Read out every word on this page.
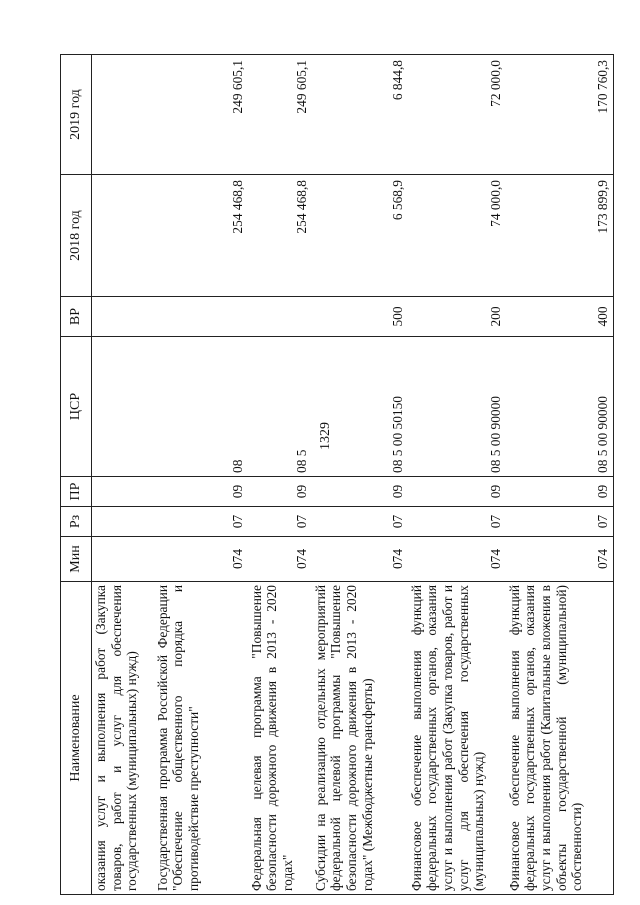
1329
Наименование	Мин	Рз	ПР	ЦСР	ВР	2018 год	2019 год
оказания услуг и выполнения работ (Закупка товаров, работ и услуг для обеспечения государственных (муниципальных) нужд)							
Государственная программа Российской Федерации "Обеспечение общественного порядка и противодействие преступности"	074	07	09	08		254 468,8	249 605,1
Федеральная целевая программа "Повышение безопасности дорожного движения в 2013 - 2020 годах"	074	07	09	08 5		254 468,8	249 605,1
Субсидии на реализацию отдельных мероприятий федеральной целевой программы "Повышение безопасности дорожного движения в 2013 - 2020 годах" (Межбюджетные трансферты)	074	07	09	08 5 00 50150	500	6 568,9	6 844,8
Финансовое обеспечение выполнения функций федеральных государственных органов, оказания услуг и выполнения работ (Закупка товаров, работ и услуг для обеспечения государственных (муниципальных) нужд)	074	07	09	08 5 00 90000	200	74 000,0	72 000,0
Финансовое обеспечение выполнения функций федеральных государственных органов, оказания услуг и выполнения работ (Капитальные вложения в объекты государственной (муниципальной) собственности)	074	07	09	08 5 00 90000	400	173 899,9	170 760,3
